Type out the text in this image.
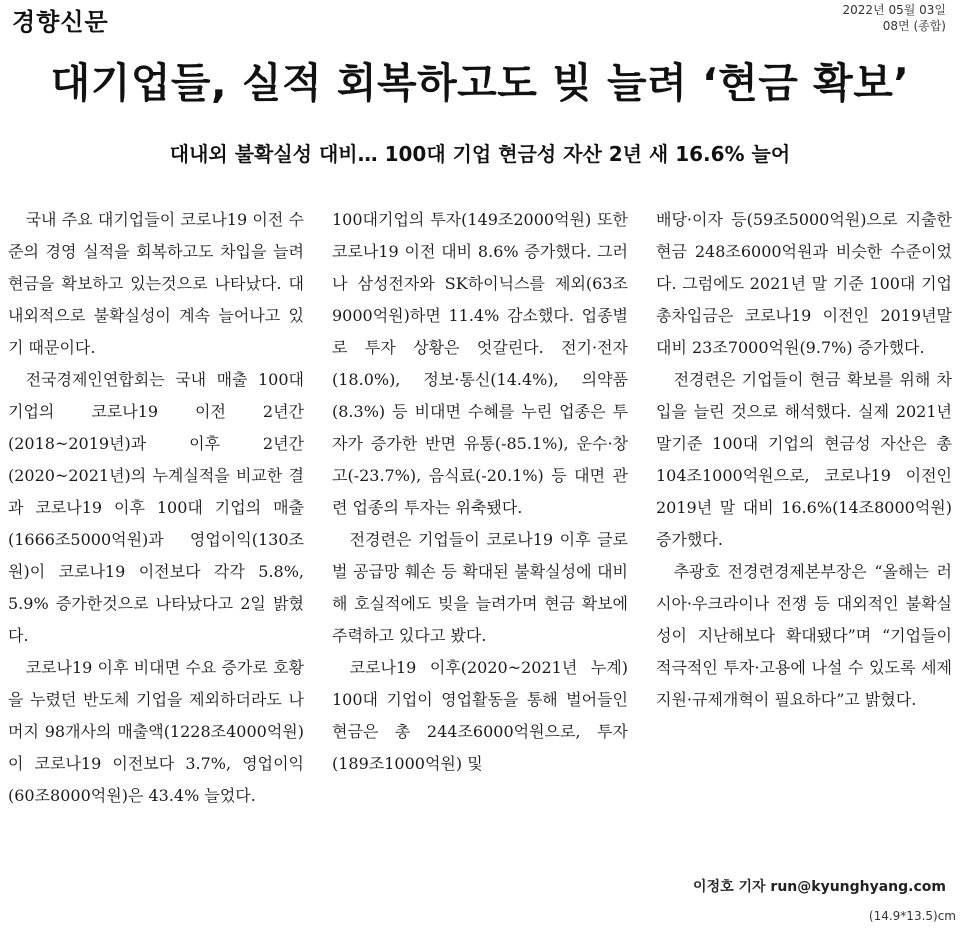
경향신문	2022년 05월 03일
08면 (종합)
대기업들, 실적 회복하고도 빚 늘려 ‘현금 확보’
대내외 불확실성 대비… 100대 기업 현금성 자산 2년 새 16.6% 늘어

국내 주요 대기업들이 코로나19 이전 수준의 경영 실적을 회복하고도 차입을 늘려 현금을 확보하고 있는것으로 나타났다. 대내외적으로 불확실성이 계속 늘어나고 있기 때문이다.

전국경제인연합회는 국내 매출 100대 기업의 코로나19 이전 2년간(2018~2019년)과 이후 2년간(2020~2021년)의 누계실적을 비교한 결과 코로나19 이후 100대 기업의 매출(1666조5000억원)과 영업이익(130조원)이 코로나19 이전보다 각각 5.8%, 5.9% 증가한것으로 나타났다고 2일 밝혔다.

코로나19 이후 비대면 수요 증가로 호황을 누렸던 반도체 기업을 제외하더라도 나머지 98개사의 매출액(1228조4000억원)이 코로나19 이전보다 3.7%, 영업이익(60조8000억원)은 43.4% 늘었다.

100대기업의 투자(149조2000억원) 또한 코로나19 이전 대비 8.6% 증가했다. 그러나 삼성전자와 SK하이닉스를 제외(63조9000억원)하면 11.4% 감소했다. 업종별로 투자 상황은 엇갈린다. 전기·전자(18.0%), 정보·통신(14.4%), 의약품(8.3%) 등 비대면 수혜를 누린 업종은 투자가 증가한 반면 유통(-85.1%), 운수·창고(-23.7%), 음식료(-20.1%) 등 대면 관련 업종의 투자는 위축됐다.

전경련은 기업들이 코로나19 이후 글로벌 공급망 훼손 등 확대된 불확실성에 대비해 호실적에도 빚을 늘려가며 현금 확보에 주력하고 있다고 봤다.

코로나19 이후(2020~2021년 누계) 100대 기업이 영업활동을 통해 벌어들인 현금은 총 244조6000억원으로, 투자(189조1000억원) 및

배당·이자 등(59조5000억원)으로 지출한 현금 248조6000억원과 비슷한 수준이었다. 그럼에도 2021년 말 기준 100대 기업 총차입금은 코로나19 이전인 2019년말 대비 23조7000억원(9.7%) 증가했다.

전경련은 기업들이 현금 확보를 위해 차입을 늘린 것으로 해석했다. 실제 2021년 말기준 100대 기업의 현금성 자산은 총 104조1000억원으로, 코로나19 이전인 2019년 말 대비 16.6%(14조8000억원) 증가했다.

추광호 전경련경제본부장은 “올해는 러시아·우크라이나 전쟁 등 대외적인 불확실성이 지난해보다 확대됐다”며 “기업들이 적극적인 투자·고용에 나설 수 있도록 세제 지원·규제개혁이 필요하다”고 밝혔다.

이정호 기자 run@kyunghyang.com
(14.9*13.5)cm
